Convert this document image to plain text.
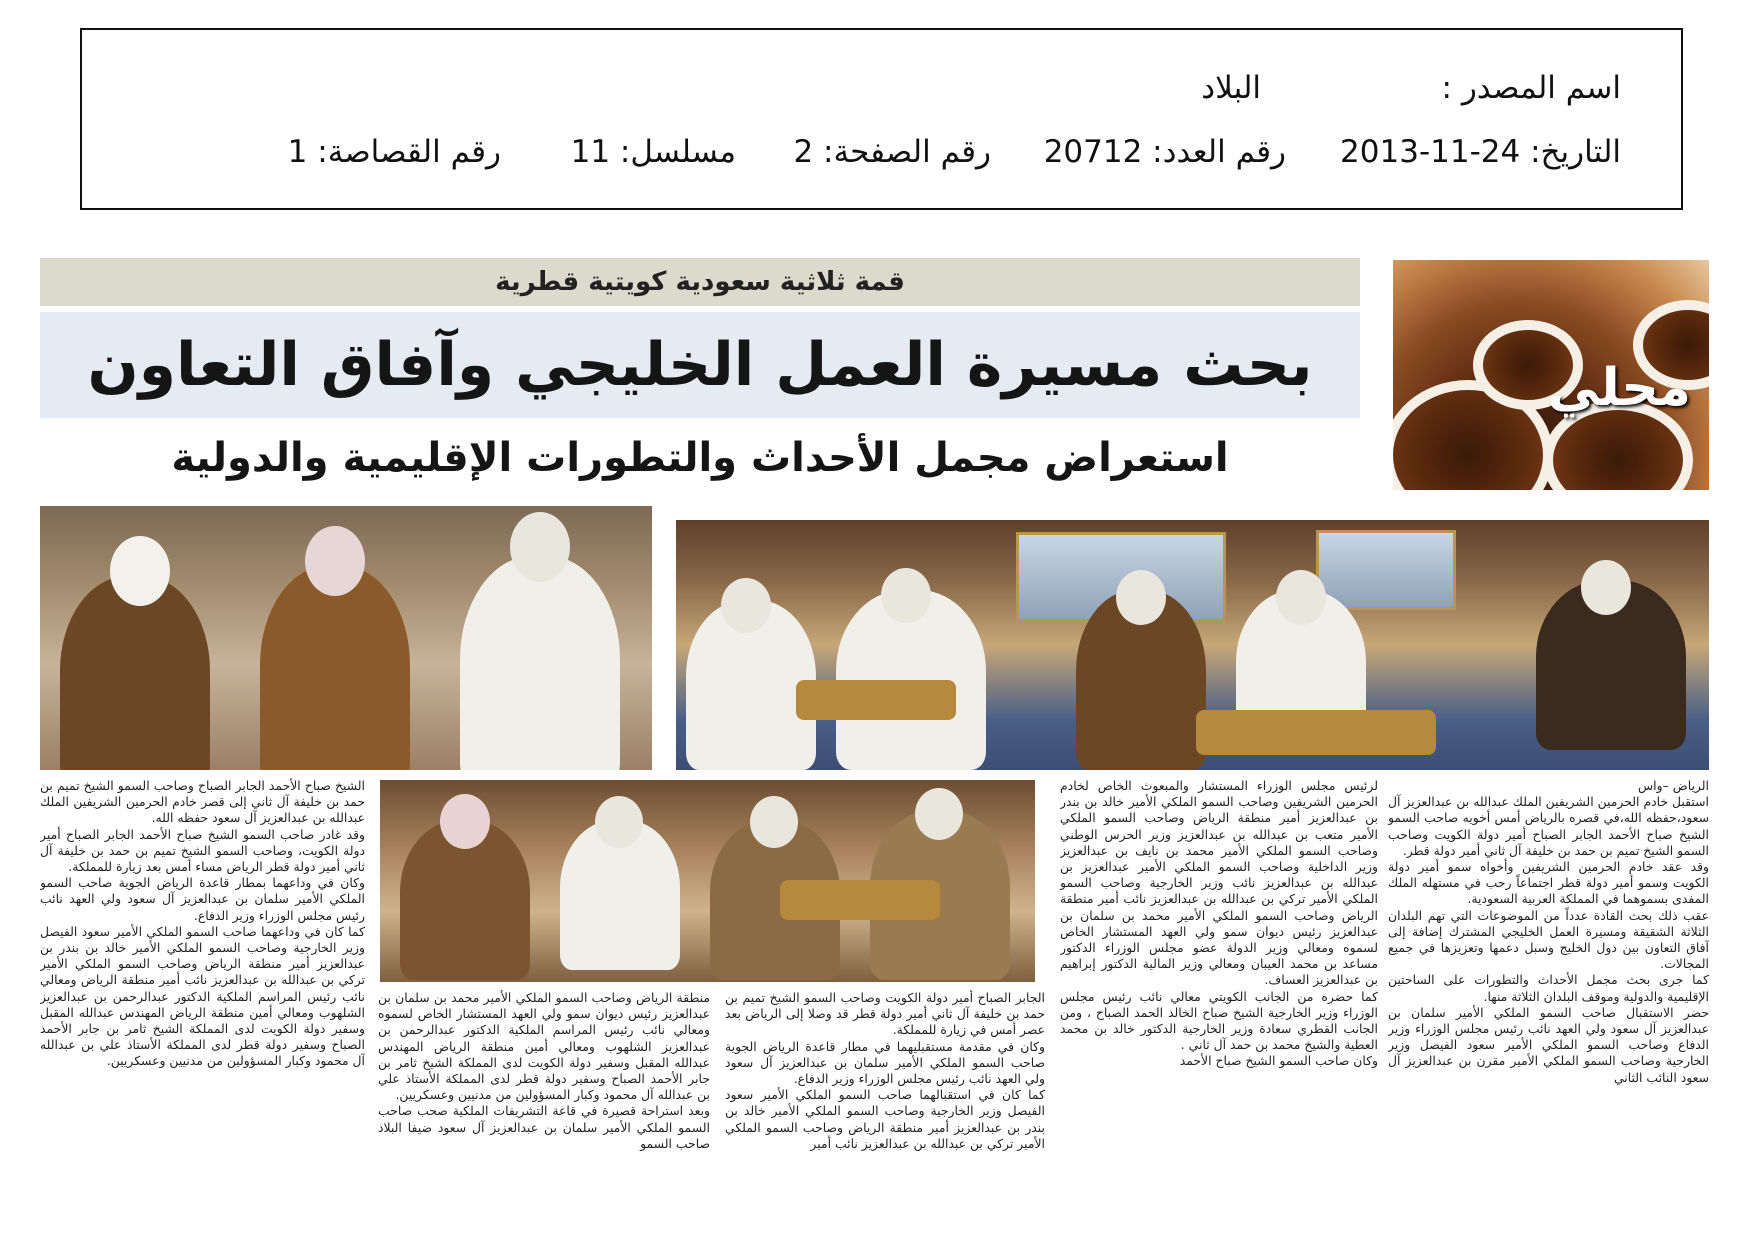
اسم المصدر :
البلاد
التاريخ: 24-11-2013
رقم العدد: 20712
رقم الصفحة: 2
مسلسل: 11
رقم القصاصة: 1
قمة ثلاثية سعودية كويتية قطرية
بحث مسيرة العمل الخليجي وآفاق التعاون
استعراض مجمل الأحداث والتطورات الإقليمية والدولية
محلي
الرياض –واس
استقبل خادم الحرمين الشريفين الملك عبدالله بن عبدالعزيز آل سعود،حفظه الله،في قصره بالرياض أمس أخويه صاحب السمو الشيخ صباح الأحمد الجابر الصباح أمير دولة الكويت وصاحب السمو الشيخ تميم بن حمد بن خليفة آل ثاني أمير دولة قطر.
وقد عقد خادم الحرمين الشريفين وأخواه سمو أمير دولة الكويت وسمو أمير دولة قطر اجتماعاً رحب في مستهله الملك المفدى بسموهما في المملكة العربية السعودية.
عقب ذلك بحث القادة عدداً من الموضوعات التي تهم البلدان الثلاثة الشقيقة ومسيرة العمل الخليجي المشترك إضافة إلى آفاق التعاون بين دول الخليج وسبل دعمها وتعزيزها في جميع المجالات.
كما جرى بحث مجمل الأحداث والتطورات على الساحتين الإقليمية والدولية وموقف البلدان الثلاثة منها.
حضر الاستقبال صاحب السمو الملكي الأمير سلمان بن عبدالعزيز آل سعود ولي العهد نائب رئيس مجلس الوزراء وزير الدفاع وصاحب السمو الملكي الأمير سعود الفيصل وزير الخارجية وصاحب السمو الملكي الأمير مقرن بن عبدالعزيز آل سعود النائب الثاني
لرئيس مجلس الوزراء المستشار والمبعوث الخاص لخادم الحرمين الشريفين وصاحب السمو الملكي الأمير خالد بن بندر بن عبدالعزيز أمير منطقة الرياض وصاحب السمو الملكي الأمير متعب بن عبدالله بن عبدالعزيز وزير الحرس الوطني وصاحب السمو الملكي الأمير محمد بن نايف بن عبدالعزيز وزير الداخلية وصاحب السمو الملكي الأمير عبدالعزيز بن عبدالله بن عبدالعزيز نائب وزير الخارجية وصاحب السمو الملكي الأمير تركي بن عبدالله بن عبدالعزيز نائب أمير منطقة الرياض وصاحب السمو الملكي الأمير محمد بن سلمان بن عبدالعزيز رئيس ديوان سمو ولي العهد المستشار الخاص لسموه ومعالي وزير الدولة عضو مجلس الوزراء الدكتور مساعد بن محمد العيبان ومعالي وزير المالية الدكتور إبراهيم بن عبدالعزيز العساف.
كما حضره من الجانب الكويتي معالي نائب رئيس مجلس الوزراء وزير الخارجية الشيخ صباح الخالد الحمد الصباح ، ومن الجانب القطري سعادة وزير الخارجية الدكتور خالد بن محمد العطية والشيخ محمد بن حمد آل ثاني .
وكان صاحب السمو الشيخ صباح الأحمد
الجابر الصباح أمير دولة الكويت وصاحب السمو الشيخ تميم بن حمد بن خليفة آل ثاني أمير دولة قطر قد وصلا إلى الرياض بعد عصر أمس في زيارة للمملكة.
وكان في مقدمة مستقبليهما في مطار قاعدة الرياض الجوية صاحب السمو الملكي الأمير سلمان بن عبدالعزيز آل سعود ولي العهد نائب رئيس مجلس الوزراء وزير الدفاع.
كما كان في استقبالهما صاحب السمو الملكي الأمير سعود الفيصل وزير الخارجية وصاحب السمو الملكي الأمير خالد بن بندر بن عبدالعزيز أمير منطقة الرياض وصاحب السمو الملكي الأمير تركي بن عبدالله بن عبدالعزيز نائب أمير
منطقة الرياض وصاحب السمو الملكي الأمير محمد بن سلمان بن عبدالعزيز رئيس ديوان سمو ولي العهد المستشار الخاص لسموه ومعالي نائب رئيس المراسم الملكية الدكتور عبدالرحمن بن عبدالعزيز الشلهوب ومعالي أمين منطقة الرياض المهندس عبدالله المقبل وسفير دولة الكويت لدى المملكة الشيخ ثامر بن جابر الأحمد الصباح وسفير دولة قطر لدى المملكة الأستاذ علي بن عبدالله آل محمود وكبار المسؤولين من مدنيين وعسكريين.
وبعد استراحة قصيرة في قاعة التشريفات الملكية صحب صاحب السمو الملكي الأمير سلمان بن عبدالعزيز آل سعود ضيفا البلاد صاحب السمو
الشيخ صباح الأحمد الجابر الصباح وصاحب السمو الشيخ تميم بن حمد بن خليفة آل ثاني إلى قصر خادم الحرمين الشريفين الملك عبدالله بن عبدالعزيز آل سعود حفظه الله.
وقد غادر صاحب السمو الشيخ صباح الأحمد الجابر الصباح أمير دولة الكويت، وصاحب السمو الشيخ تميم بن حمد بن خليفة آل ثاني أمير دولة قطر الرياض مساء أمس بعد زيارة للمملكة.
وكان في وداعهما بمطار قاعدة الرياض الجوية صاحب السمو الملكي الأمير سلمان بن عبدالعزيز آل سعود ولي العهد نائب رئيس مجلس الوزراء وزير الدفاع.
كما كان في وداعهما صاحب السمو الملكي الأمير سعود الفيصل وزير الخارجية وصاحب السمو الملكي الأمير خالد بن بندر بن عبدالعزيز أمير منطقة الرياض وصاحب السمو الملكي الأمير تركي بن عبدالله بن عبدالعزيز نائب أمير منطقة الرياض ومعالي نائب رئيس المراسم الملكية الدكتور عبدالرحمن بن عبدالعزيز الشلهوب ومعالي أمين منطقة الرياض المهندس عبدالله المقبل وسفير دولة الكويت لدى المملكة الشيخ ثامر بن جابر الأحمد الصباح وسفير دولة قطر لدى المملكة الأستاذ علي بن عبدالله آل محمود وكبار المسؤولين من مدنيين وعسكريين.
